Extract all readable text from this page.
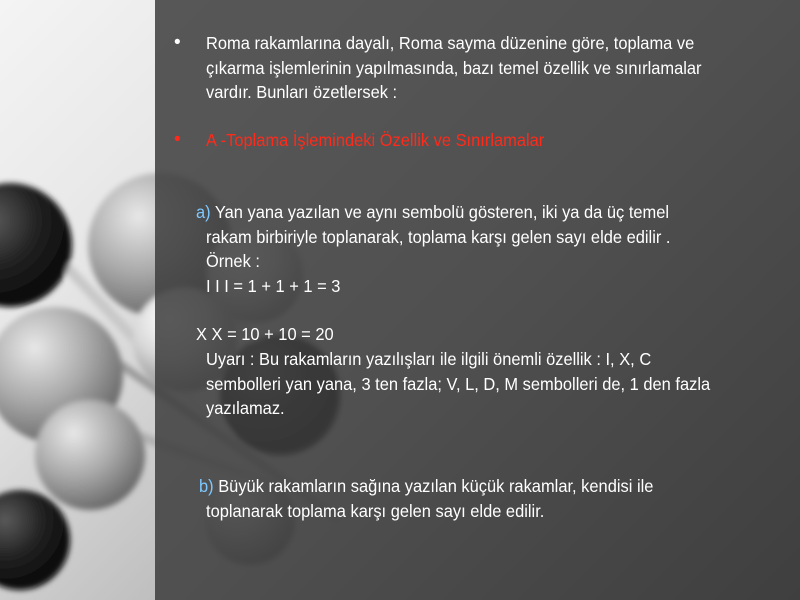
• Roma rakamlarına dayalı, Roma sayma düzenine göre, toplama ve
çıkarma işlemlerinin yapılmasında, bazı temel özellik ve sınırlamalar
vardır. Bunları özetlersek :
• A -Toplama İşlemindeki Özellik ve Sınırlamalar
a) Yan yana yazılan ve aynı sembolü gösteren, iki ya da üç temel
rakam birbiriyle toplanarak, toplama karşı gelen sayı elde edilir .
Örnek :
I I I = 1 + 1 + 1 = 3
X X = 10 + 10 = 20
Uyarı : Bu rakamların yazılışları ile ilgili önemli özellik : I, X, C
sembolleri yan yana, 3 ten fazla; V, L, D, M sembolleri de, 1 den fazla
yazılamaz.
b) Büyük rakamların sağına yazılan küçük rakamlar, kendisi ile
toplanarak toplama karşı gelen sayı elde edilir.
